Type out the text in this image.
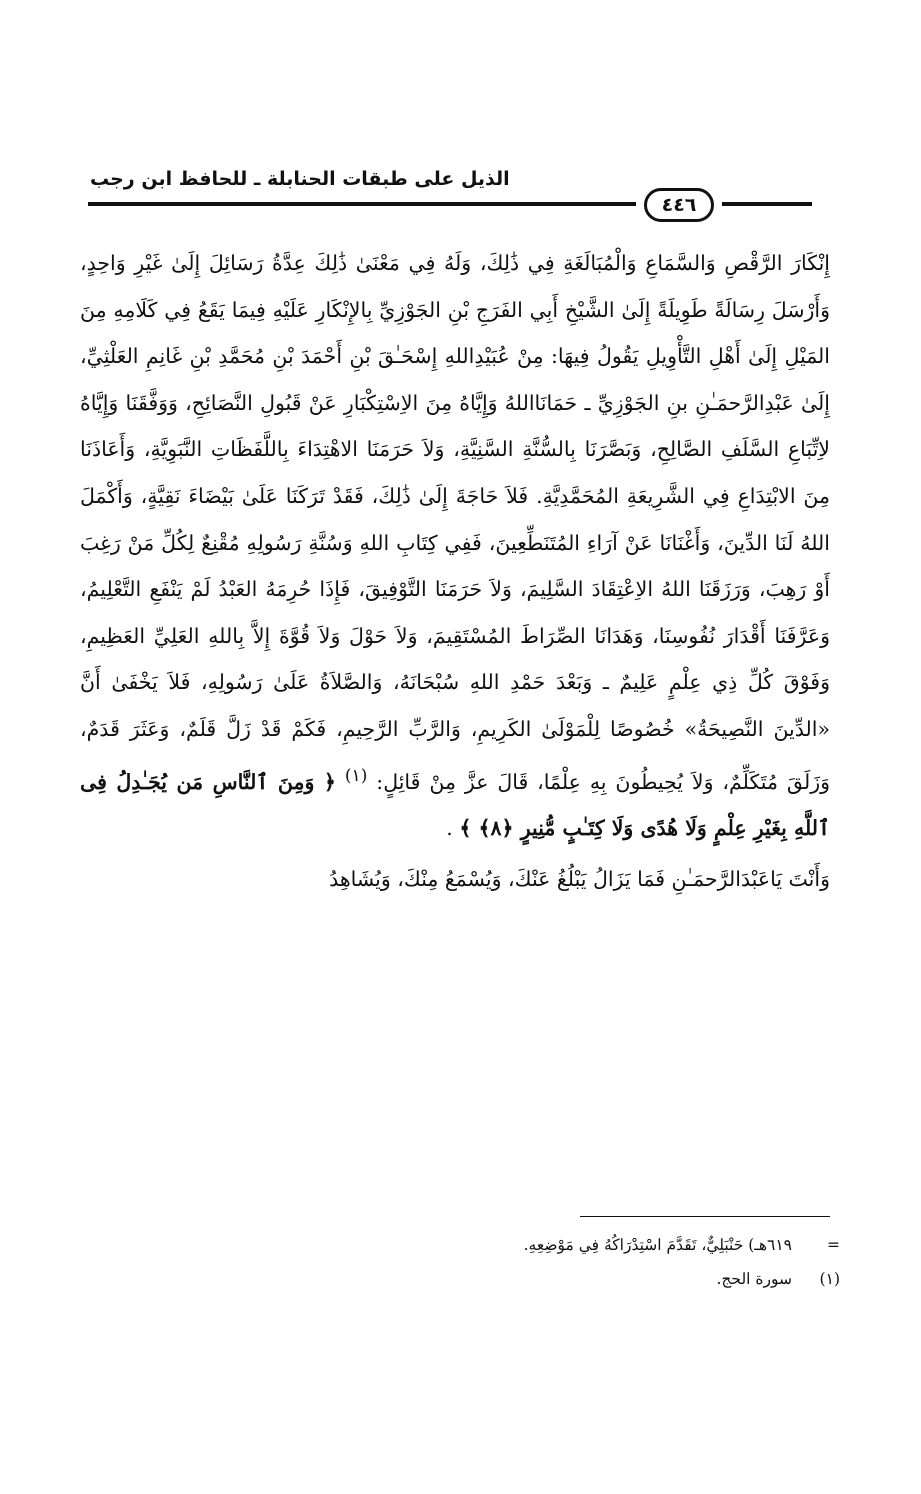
الذيل على طبقات الحنابلة ـ للحافظ ابن رجب
٤٤٦

إِنْكَارَ الرَّقْصِ وَالسَّمَاعِ وَالْمُبَالَغَةِ فِي ذَٰلِكَ، وَلَهُ فِي مَعْنَىٰ ذَٰلِكَ عِدَّةُ رَسَائِلَ إِلَىٰ غَيْرِ وَاحِدٍ، وَأَرْسَلَ رِسَالَةً طَوِيلَةً إِلَىٰ الشَّيْخِ أَبِي الفَرَجِ بْنِ الجَوْزِيِّ بِالإِنْكَارِ عَلَيْهِ فِيمَا يَقَعُ فِي كَلَامِهِ مِنَ المَيْلِ إِلَىٰ أَهْلِ التَّأْوِيلِ يَقُولُ فِيهَا: مِنْ عُبَيْدِاللهِ إِسْحَـٰقَ بْنِ أَحْمَدَ بْنِ مُحَمَّدِ بْنِ غَانِمِ العَلْثِيِّ، إِلَىٰ عَبْدِالرَّحمَـٰنِ بنِ الجَوْزِيِّ ـ حَمَانَااللهُ وَإِيَّاهُ مِنَ الاِسْتِكْبَارِ عَنْ قَبُولِ النَّصَائِحِ، وَوَفَّقَنَا وَإِيَّاهُ لاِتِّبَاعِ السَّلَفِ الصَّالِحِ، وَبَصَّرَنَا بِالسُّنَّةِ السَّنِيَّةِ، وَلاَ حَرَمَنَا الاهْتِدَاءَ بِاللَّفَظَاتِ النَّبَوِيَّةِ، وَأَعَاذَنَا مِنَ الابْتِدَاعِ فِي الشَّرِيعَةِ المُحَمَّدِيَّةِ. فَلاَ حَاجَةَ إِلَىٰ ذَٰلِكَ، فَقَدْ تَرَكَنَا عَلَىٰ بَيْضَاءَ نَقِيَّةٍ، وَأَكْمَلَ اللهُ لَنَا الدِّينَ، وَأَغْنَانَا عَنْ آرَاءِ المُتَنَطِّعِينَ، فَفِي كِتَابِ اللهِ وَسُنَّةِ رَسُولِهِ مُقْنِعٌ لِكُلِّ مَنْ رَغِبَ أَوْ رَهِبَ، وَرَزَقَنَا اللهُ الاِعْتِقَادَ السَّلِيمَ، وَلاَ حَرَمَنَا التَّوْفِيقَ، فَإِذَا حُرِمَهُ العَبْدُ لَمْ يَنْفَعِ التَّعْلِيمُ، وَعَرَّفَنَا أَقْدَارَ نُفُوسِنَا، وَهَدَانَا الصِّرَاطَ المُسْتَقِيمَ، وَلاَ حَوْلَ وَلاَ قُوَّةَ إِلاَّ بِاللهِ العَلِيِّ العَظِيمِ، وَفَوْقَ كُلِّ ذِي عِلْمٍ عَلِيمٌ ـ وَبَعْدَ حَمْدِ اللهِ سُبْحَانَهُ، وَالصَّلاَةُ عَلَىٰ رَسُولِهِ، فَلاَ يَخْفَىٰ أَنَّ «الدِّينَ النَّصِيحَةُ» خُصُوصًا لِلْمَوْلَىٰ الكَرِيمِ، وَالرَّبِّ الرَّحِيمِ، فَكَمْ قَدْ زَلَّ قَلَمٌ، وَعَثَرَ قَدَمٌ، وَزَلَقَ مُتَكَلِّمٌ، وَلاَ يُحِيطُونَ بِهِ عِلْمًا، قَالَ عزَّ مِنْ قَائِلٍ: $^{(١)}$ ﴿ وَمِنَ ٱلنَّاسِ مَن يُجَـٰدِلُ فِى ٱللَّهِ بِغَيْرِ عِلْمٍ وَلَا هُدًى وَلَا كِتَـٰبٍ مُّنِيرٍ ﴿٨﴾ ﴾ .

وَأَنْتَ يَاعَبْدَالرَّحمَـٰنِ فَمَا يَزَالُ يَبْلُغُ عَنْكَ، وَيُسْمَعُ مِنْكَ، وَيُشَاهِدُ

=
٦١٩هـ) حَنْبَلِيٌّ، تَقَدَّمَ اسْتِدْرَاكُهُ فِي مَوْضِعِهِ.
(١)
سورة الحج.
